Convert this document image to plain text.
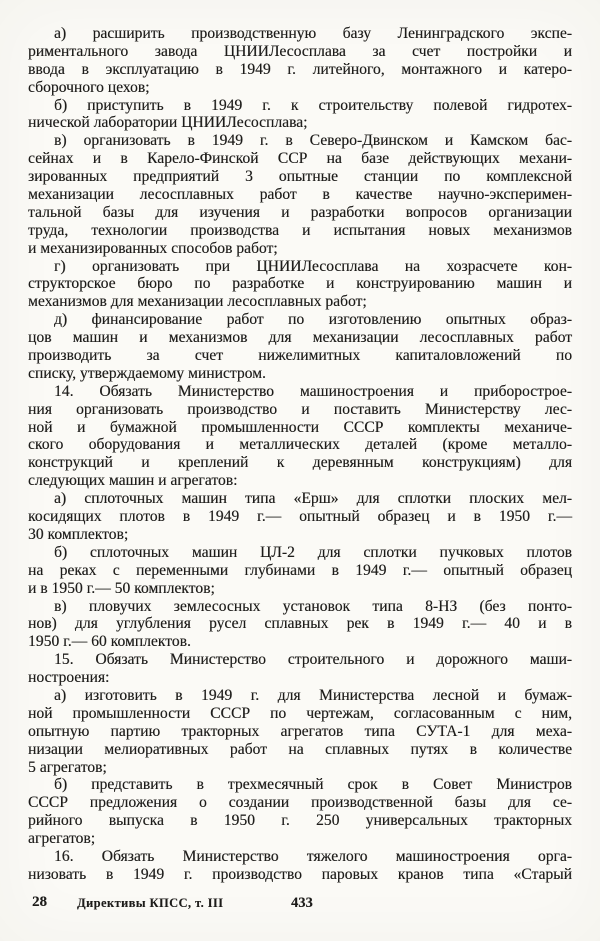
а) расширить производственную базу Ленинградского экспе-
риментального завода ЦНИИЛесосплава за счет постройки и
ввода в эксплуатацию в 1949 г. литейного, монтажного и катеро-
сборочного цехов;
б) приступить в 1949 г. к строительству полевой гидротех-
нической лаборатории ЦНИИЛесосплава;
в) организовать в 1949 г. в Северо-Двинском и Камском бас-
сейнах и в Карело-Финской ССР на базе действующих механи-
зированных предприятий 3 опытные станции по комплексной
механизации лесосплавных работ в качестве научно-эксперимен-
тальной базы для изучения и разработки вопросов организации
труда, технологии производства и испытания новых механизмов
и механизированных способов работ;
г) организовать при ЦНИИЛесосплава на хозрасчете кон-
структорское бюро по разработке и конструированию машин и
механизмов для механизации лесосплавных работ;
д) финансирование работ по изготовлению опытных образ-
цов машин и механизмов для механизации лесосплавных работ
производить за счет нижелимитных капиталовложений по
списку, утверждаемому министром.
14. Обязать Министерство машиностроения и приборострое-
ния организовать производство и поставить Министерству лес-
ной и бумажной промышленности СССР комплекты механиче-
ского оборудования и металлических деталей (кроме металло-
конструкций и креплений к деревянным конструкциям) для
следующих машин и агрегатов:
а) сплоточных машин типа «Ерш» для сплотки плоских мел-
косидящих плотов в 1949 г.— опытный образец и в 1950 г.—
30 комплектов;
б) сплоточных машин ЦЛ-2 для сплотки пучковых плотов
на реках с переменными глубинами в 1949 г.— опытный образец
и в 1950 г.— 50 комплектов;
в) пловучих землесосных установок типа 8-НЗ (без понто-
нов) для углубления русел сплавных рек в 1949 г.— 40 и в
1950 г.— 60 комплектов.
15. Обязать Министерство строительного и дорожного маши-
ностроения:
а) изготовить в 1949 г. для Министерства лесной и бумаж-
ной промышленности СССР по чертежам, согласованным с ним,
опытную партию тракторных агрегатов типа СУТА-1 для меха-
низации мелиоративных работ на сплавных путях в количестве
5 агрегатов;
б) представить в трехмесячный срок в Совет Министров
СССР предложения о создании производственной базы для се-
рийного выпуска в 1950 г. 250 универсальных тракторных
агрегатов;
16. Обязать Министерство тяжелого машиностроения орга-
низовать в 1949 г. производство паровых кранов типа «Старый
28 Директивы КПСС, т. III	433
